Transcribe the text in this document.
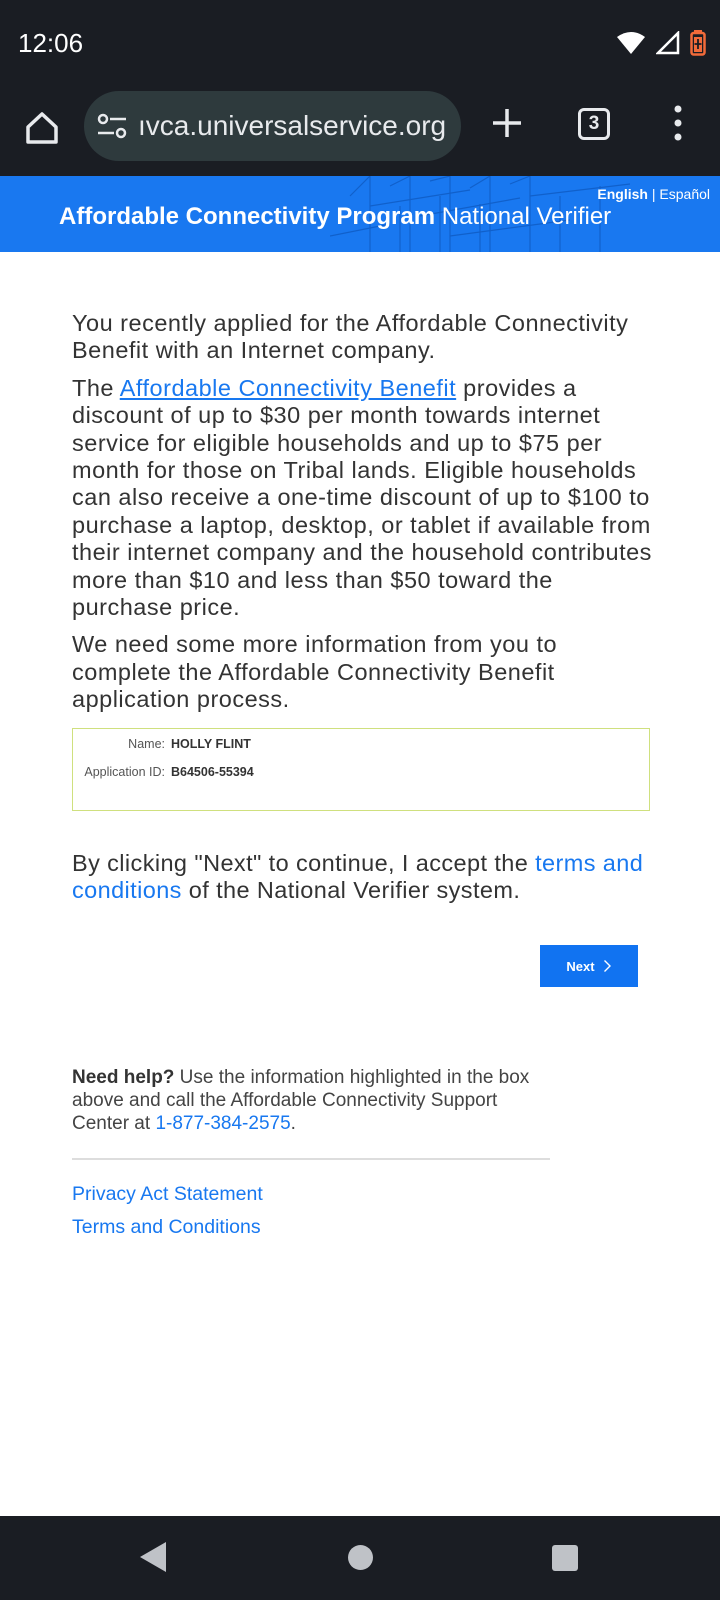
12:06
ıvca.universalservice.org	3
English | Español
Affordable Connectivity Program National Verifier

You recently applied for the Affordable Connectivity Benefit with an Internet company.

The Affordable Connectivity Benefit provides a discount of up to $30 per month towards internet service for eligible households and up to $75 per month for those on Tribal lands. Eligible households can also receive a one-time discount of up to $100 to purchase a laptop, desktop, or tablet if available from their internet company and the household contributes more than $10 and less than $50 toward the purchase price.

We need some more information from you to complete the Affordable Connectivity Benefit application process.

Name: HOLLY FLINT
Application ID: B64506-55394

By clicking "Next" to continue, I accept the terms and conditions of the National Verifier system.

Next

Need help? Use the information highlighted in the box above and call the Affordable Connectivity Support Center at 1-877-384-2575.

Privacy Act Statement
Terms and Conditions
